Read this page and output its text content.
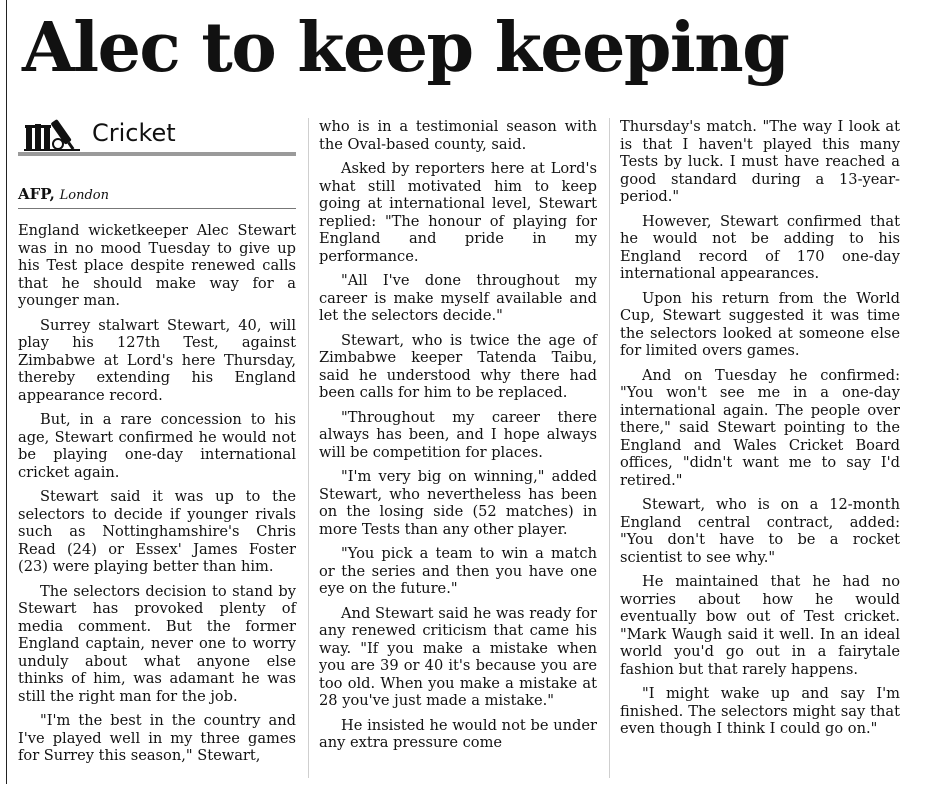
Alec to keep keeping
Cricket
AFP, London

England wicketkeeper Alec Stewart was in no mood Tuesday to give up his Test place despite renewed calls that he should make way for a younger man.

Surrey stalwart Stewart, 40, will play his 127th Test, against Zimbabwe at Lord's here Thursday, thereby extending his England appearance record.

But, in a rare concession to his age, Stewart confirmed he would not be playing one-day international cricket again.

Stewart said it was up to the selectors to decide if younger rivals such as Nottinghamshire's Chris Read (24) or Essex' James Foster (23) were playing better than him.

The selectors decision to stand by Stewart has provoked plenty of media comment. But the former England captain, never one to worry unduly about what anyone else thinks of him, was adamant he was still the right man for the job.

"I'm the best in the country and I've played well in my three games for Surrey this season," Stewart,

who is in a testimonial season with the Oval-based county, said.

Asked by reporters here at Lord's what still motivated him to keep going at international level, Stewart replied: "The honour of playing for England and pride in my performance.

"All I've done throughout my career is make myself available and let the selectors decide."

Stewart, who is twice the age of Zimbabwe keeper Tatenda Taibu, said he understood why there had been calls for him to be replaced.

"Throughout my career there always has been, and I hope always will be competition for places.

"I'm very big on winning," added Stewart, who nevertheless has been on the losing side (52 matches) in more Tests than any other player.

"You pick a team to win a match or the series and then you have one eye on the future."

And Stewart said he was ready for any renewed criticism that came his way. "If you make a mistake when you are 39 or 40 it's because you are too old. When you make a mistake at 28 you've just made a mistake."

He insisted he would not be under any extra pressure come

Thursday's match. "The way I look at is that I haven't played this many Tests by luck. I must have reached a good standard during a 13-year-period."

However, Stewart confirmed that he would not be adding to his England record of 170 one-day international appearances.

Upon his return from the World Cup, Stewart suggested it was time the selectors looked at someone else for limited overs games.

And on Tuesday he confirmed: "You won't see me in a one-day international again. The people over there," said Stewart pointing to the England and Wales Cricket Board offices, "didn't want me to say I'd retired."

Stewart, who is on a 12-month England central contract, added: "You don't have to be a rocket scientist to see why."

He maintained that he had no worries about how he would eventually bow out of Test cricket. "Mark Waugh said it well. In an ideal world you'd go out in a fairytale fashion but that rarely happens.

"I might wake up and say I'm finished. The selectors might say that even though I think I could go on."
